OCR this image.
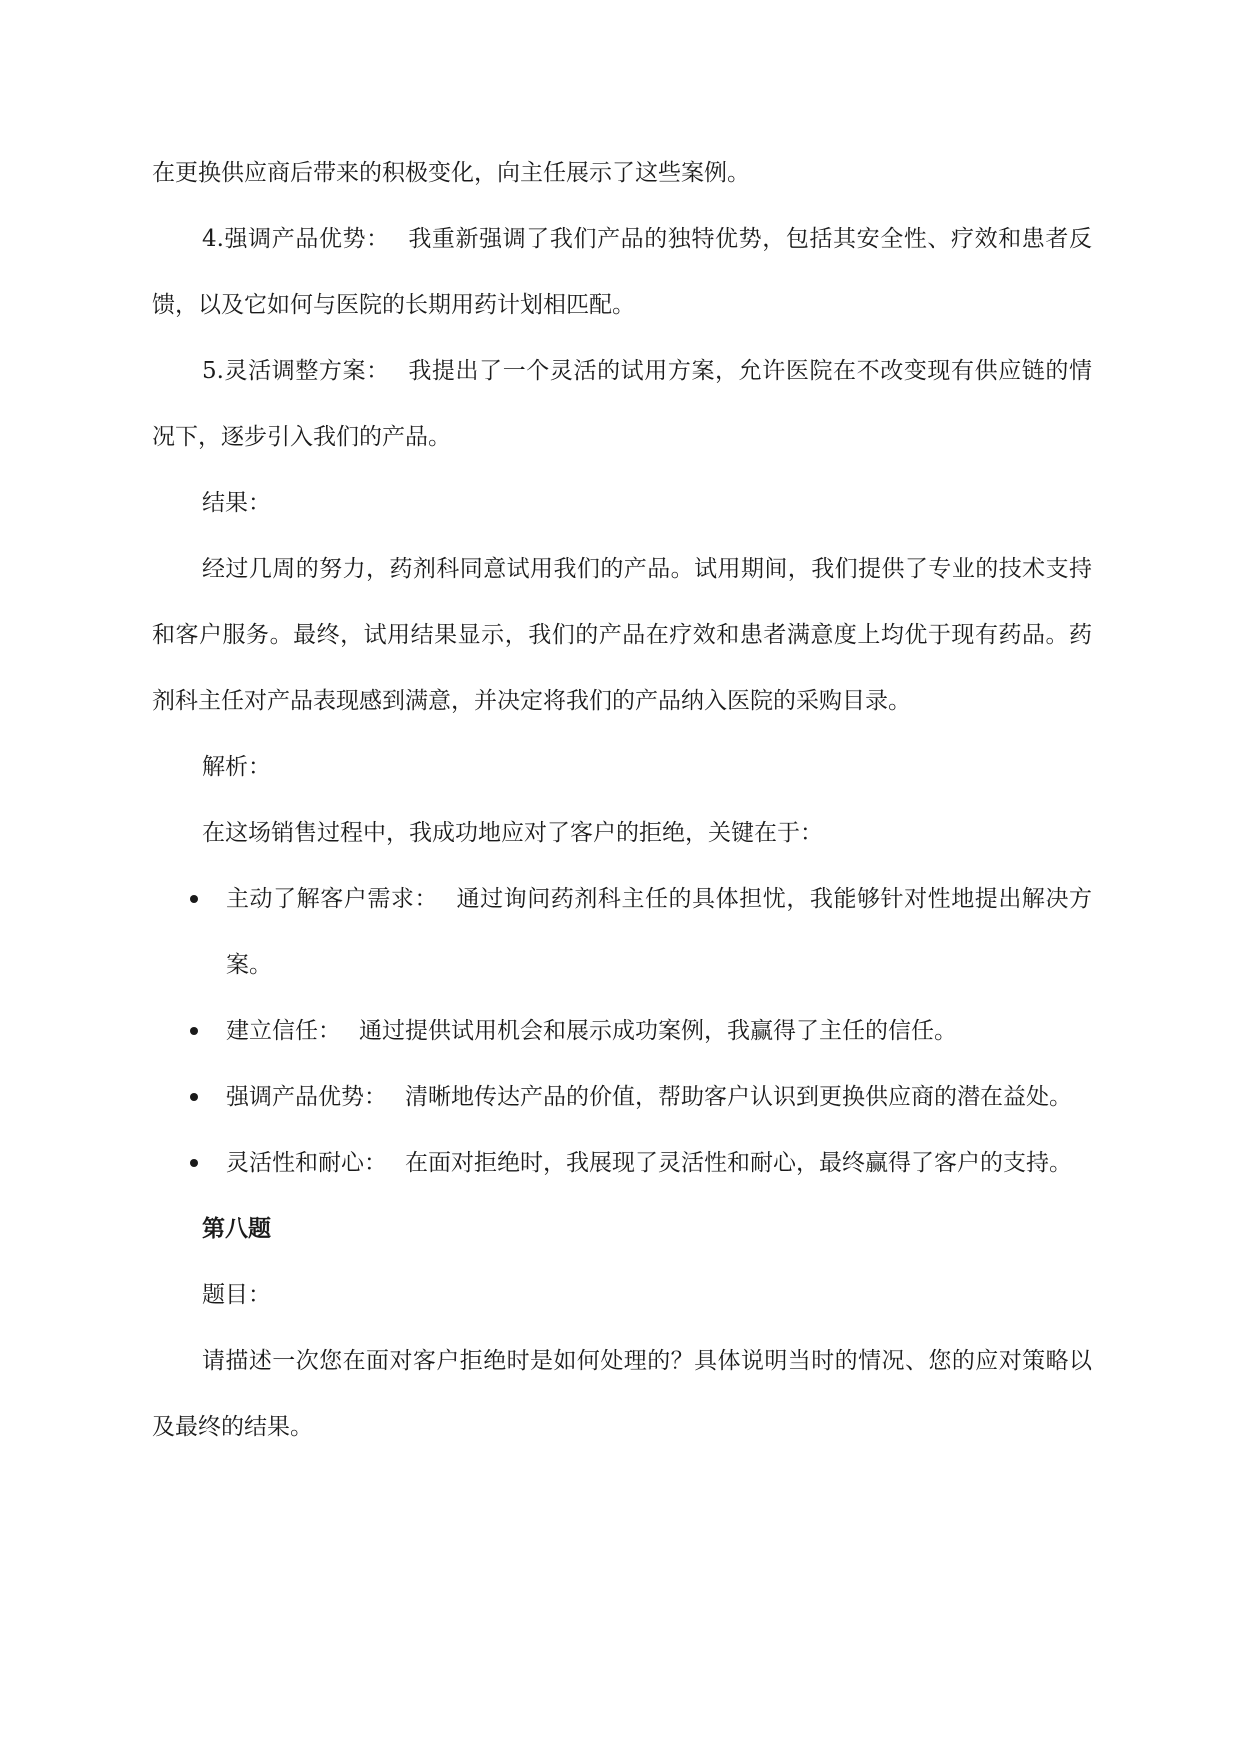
在更换供应商后带来的积极变化，向主任展示了这些案例。

4.强调产品优势： 我重新强调了我们产品的独特优势，包括其安全性、疗效和患者反馈，以及它如何与医院的长期用药计划相匹配。

5.灵活调整方案： 我提出了一个灵活的试用方案，允许医院在不改变现有供应链的情况下，逐步引入我们的产品。

结果：

经过几周的努力，药剂科同意试用我们的产品。试用期间，我们提供了专业的技术支持和客户服务。最终，试用结果显示，我们的产品在疗效和患者满意度上均优于现有药品。药剂科主任对产品表现感到满意，并决定将我们的产品纳入医院的采购目录。

解析：

在这场销售过程中，我成功地应对了客户的拒绝，关键在于：

主动了解客户需求： 通过询问药剂科主任的具体担忧，我能够针对性地提出解决方案。
建立信任： 通过提供试用机会和展示成功案例，我赢得了主任的信任。
强调产品优势： 清晰地传达产品的价值，帮助客户认识到更换供应商的潜在益处。
灵活性和耐心： 在面对拒绝时，我展现了灵活性和耐心，最终赢得了客户的支持。

第八题

题目：

请描述一次您在面对客户拒绝时是如何处理的？具体说明当时的情况、您的应对策略以及最终的结果。
